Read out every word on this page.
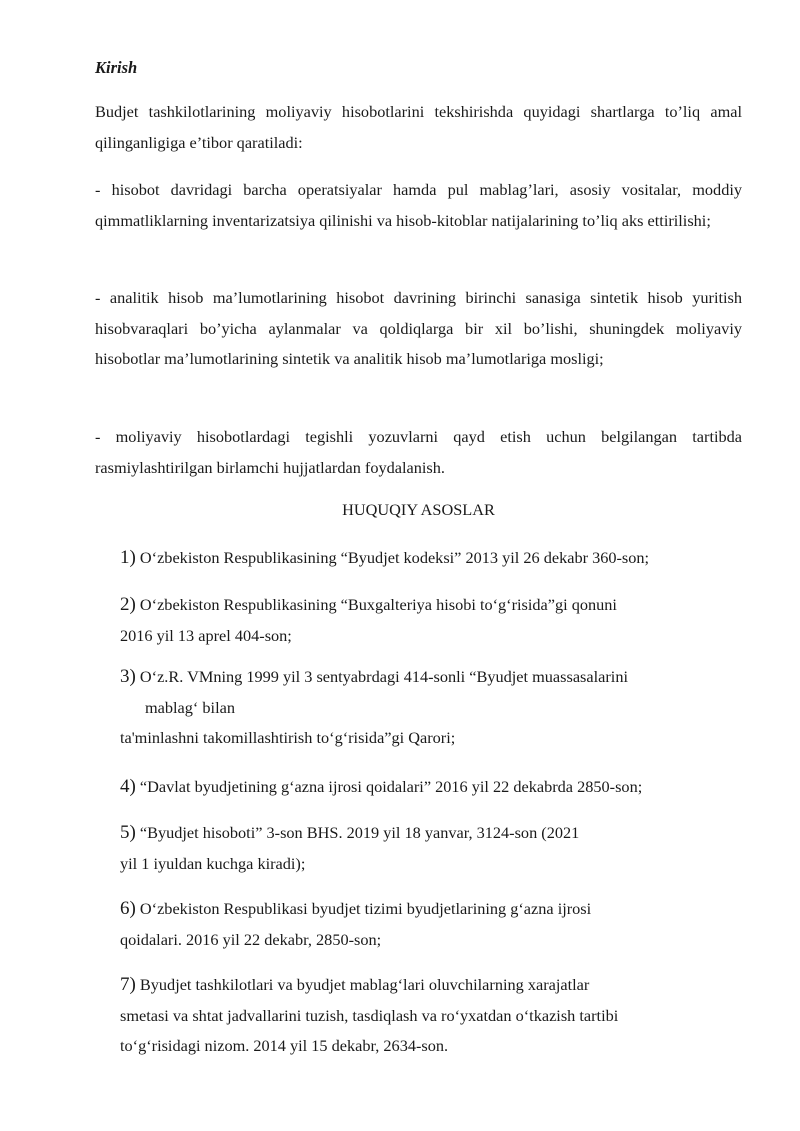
Kirish

Budjet tashkilotlarining moliyaviy hisobotlarini tekshirishda quyidagi shartlarga to’liq amal qilinganligiga e’tibor qaratiladi:

- hisobot davridagi barcha operatsiyalar hamda pul mablag’lari, asosiy vositalar, moddiy qimmatliklarning inventarizatsiya qilinishi va hisob-kitoblar natijalarining to’liq aks ettirilishi;

- analitik hisob ma’lumotlarining hisobot davrining birinchi sanasiga sintetik hisob yuritish hisobvaraqlari bo’yicha aylanmalar va qoldiqlarga bir xil bo’lishi, shuningdek moliyaviy hisobotlar ma’lumotlarining sintetik va analitik hisob ma’lumotlariga mosligi;

- moliyaviy hisobotlardagi tegishli yozuvlarni qayd etish uchun belgilangan tartibda rasmiylashtirilgan birlamchi hujjatlardan foydalanish.

HUQUQIY ASOSLAR

1) O‘zbekiston Respublikasining “Byudjet kodeksi” 2013 yil 26 dekabr 360-son;

2) O‘zbekiston Respublikasining “Buxgalteriya hisobi to‘g‘risida”gi qonuni
2016 yil 13 aprel 404-son;

3) O‘z.R. VMning 1999 yil 3 sentyabrdagi 414-sonli “Byudjet muassasalarini
mablag‘ bilan
ta'minlashni takomillashtirish to‘g‘risida”gi Qarori;

4) “Davlat byudjetining g‘azna ijrosi qoidalari” 2016 yil 22 dekabrda 2850-son;

5) “Byudjet hisoboti” 3-son BHS. 2019 yil 18 yanvar, 3124-son (2021
yil 1 iyuldan kuchga kiradi);

6) O‘zbekiston Respublikasi byudjet tizimi byudjetlarining g‘azna ijrosi
qoidalari. 2016 yil 22 dekabr, 2850-son;

7) Byudjet tashkilotlari va byudjet mablag‘lari oluvchilarning xarajatlar
smetasi va shtat jadvallarini tuzish, tasdiqlash va ro‘yxatdan o‘tkazish tartibi
to‘g‘risidagi nizom. 2014 yil 15 dekabr, 2634-son.
